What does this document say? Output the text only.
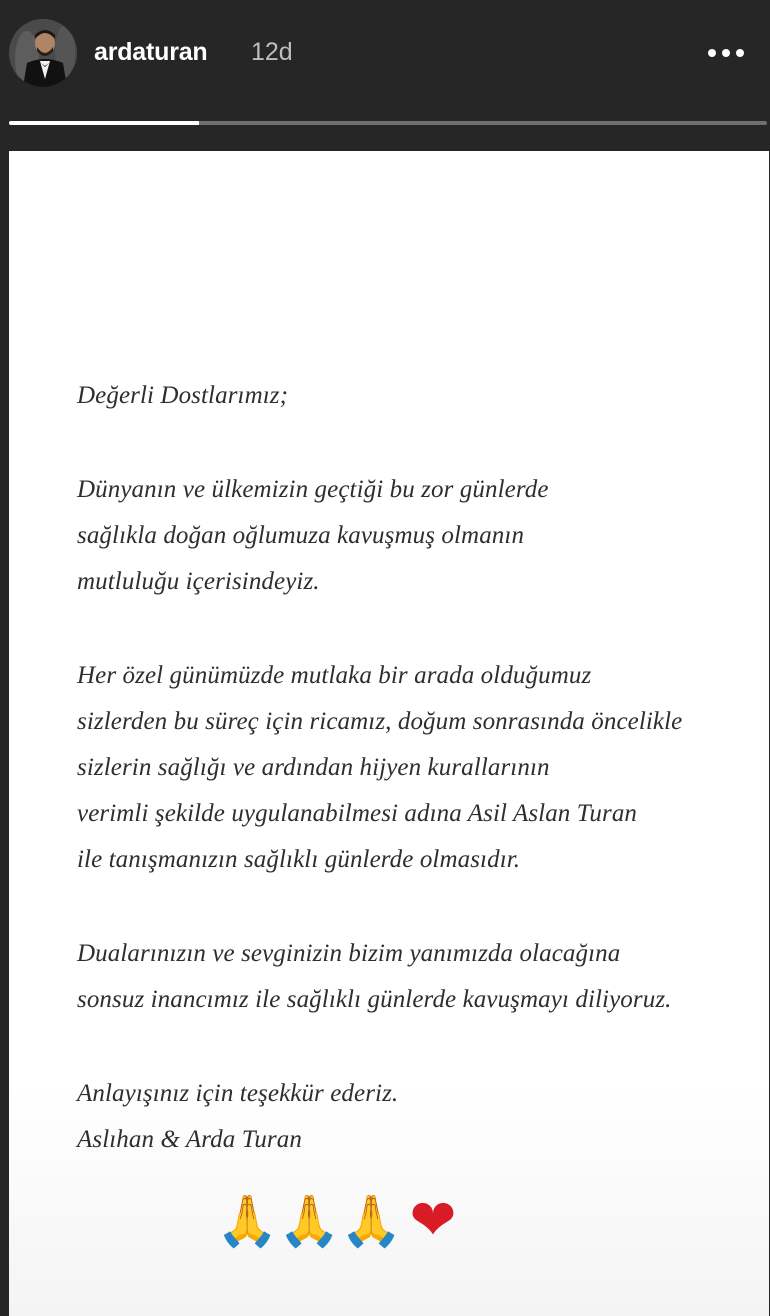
ardaturan 12d

Değerli Dostlarımız;

Dünyanın ve ülkemizin geçtiği bu zor günlerde

sağlıkla doğan oğlumuza kavuşmuş olmanın

mutluluğu içerisindeyiz.

Her özel günümüzde mutlaka bir arada olduğumuz

sizlerden bu süreç için ricamız, doğum sonrasında öncelikle

sizlerin sağlığı ve ardından hijyen kurallarının

verimli şekilde uygulanabilmesi adına Asil Aslan Turan

ile tanışmanızın sağlıklı günlerde olmasıdır.

Dualarınızın ve sevginizin bizim yanımızda olacağına

sonsuz inancımız ile sağlıklı günlerde kavuşmayı diliyoruz.

Anlayışınız için teşekkür ederiz.

Aslıhan & Arda Turan

🙏 🙏 🙏 ❤
